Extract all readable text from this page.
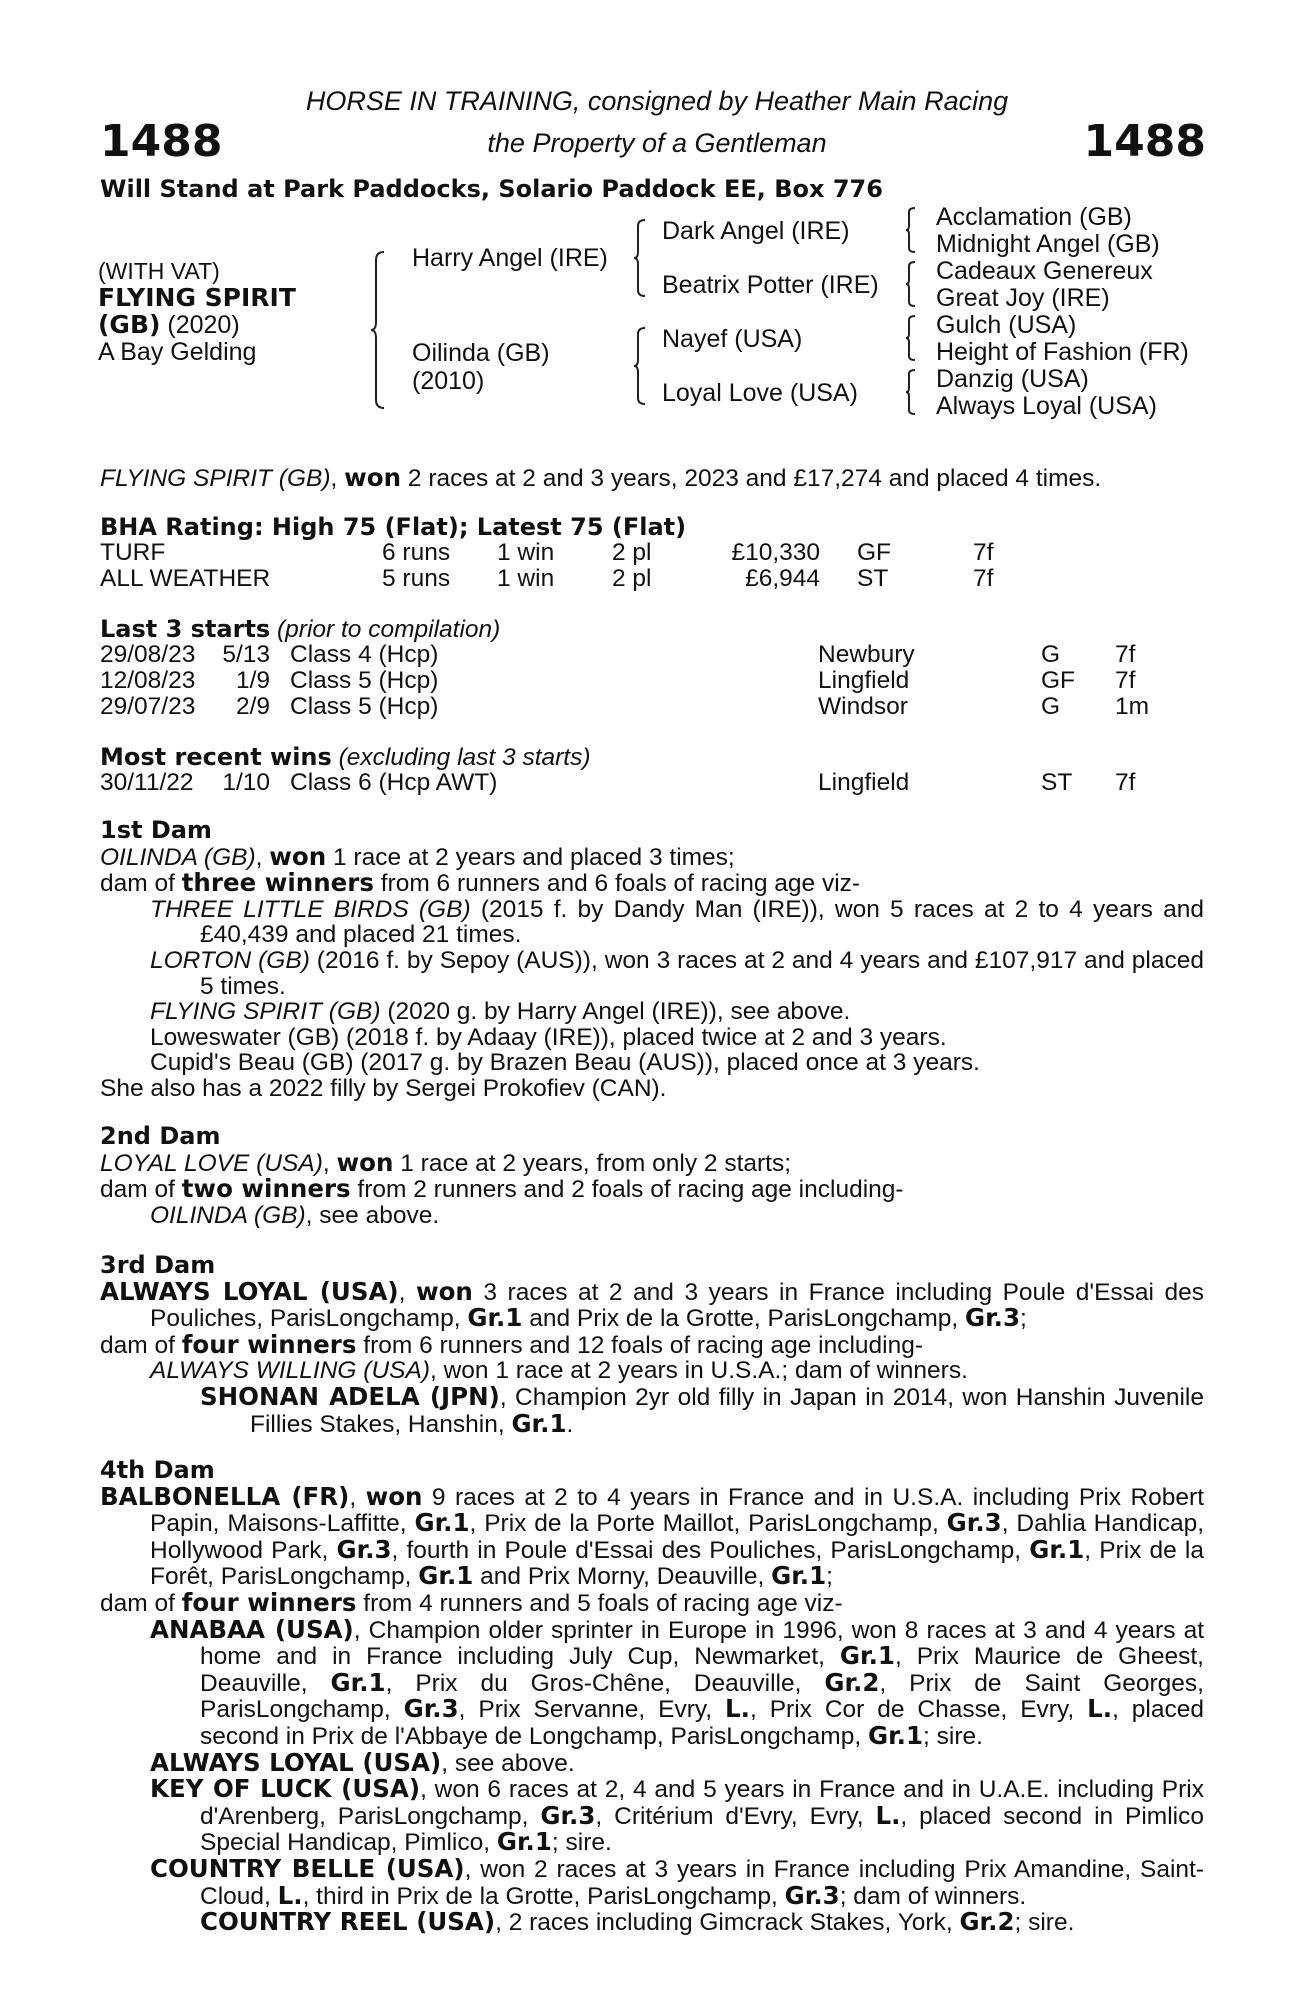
1488	1488
HORSE IN TRAINING, consigned by Heather Main Racing
the Property of a Gentleman
Will Stand at Park Paddocks, Solario Paddock EE, Box 776
(WITH VAT)
FLYING SPIRIT
(GB) (2020)
A Bay Gelding
Harry Angel (IRE)
Oilinda (GB)
(2010)
Dark Angel (IRE)
Beatrix Potter (IRE)
Nayef (USA)
Loyal Love (USA)
Acclamation (GB)
Midnight Angel (GB)
Cadeaux Genereux
Great Joy (IRE)
Gulch (USA)
Height of Fashion (FR)
Danzig (USA)
Always Loyal (USA)
FLYING SPIRIT (GB), won 2 races at 2 and 3 years, 2023 and £17,274 and placed 4 times.
BHA Rating: High 75 (Flat); Latest 75 (Flat)
TURF	6 runs 1 win 2 pl	£10,330 GF	7f
ALL WEATHER	5 runs 1 win 2 pl	£6,944 ST	7f
Last 3 starts (prior to compilation)
29/08/23	5/13 Class 4 (Hcp)	Newbury	G 7f
12/08/23	1/9 Class 5 (Hcp)	Lingfield	GF 7f
29/07/23	2/9 Class 5 (Hcp)	Windsor	G 1m
Most recent wins (excluding last 3 starts)
30/11/22	1/10 Class 6 (Hcp AWT)	Lingfield	ST 7f
1st Dam
OILINDA (GB), won 1 race at 2 years and placed 3 times;
dam of three winners from 6 runners and 6 foals of racing age viz-
THREE LITTLE BIRDS (GB) (2015 f. by Dandy Man (IRE)), won 5 races at 2 to 4 years and £40,439 and placed 21 times.
LORTON (GB) (2016 f. by Sepoy (AUS)), won 3 races at 2 and 4 years and £107,917 and placed 5 times.
FLYING SPIRIT (GB) (2020 g. by Harry Angel (IRE)), see above.
Loweswater (GB) (2018 f. by Adaay (IRE)), placed twice at 2 and 3 years.
Cupid's Beau (GB) (2017 g. by Brazen Beau (AUS)), placed once at 3 years.
She also has a 2022 filly by Sergei Prokofiev (CAN).
2nd Dam
LOYAL LOVE (USA), won 1 race at 2 years, from only 2 starts;
dam of two winners from 2 runners and 2 foals of racing age including-
OILINDA (GB), see above.
3rd Dam
ALWAYS LOYAL (USA), won 3 races at 2 and 3 years in France including Poule d'Essai des Pouliches, ParisLongchamp, Gr.1 and Prix de la Grotte, ParisLongchamp, Gr.3;
dam of four winners from 6 runners and 12 foals of racing age including-
ALWAYS WILLING (USA), won 1 race at 2 years in U.S.A.; dam of winners.
SHONAN ADELA (JPN), Champion 2yr old filly in Japan in 2014, won Hanshin Juvenile Fillies Stakes, Hanshin, Gr.1.
4th Dam
BALBONELLA (FR), won 9 races at 2 to 4 years in France and in U.S.A. including Prix Robert Papin, Maisons-Laffitte, Gr.1, Prix de la Porte Maillot, ParisLongchamp, Gr.3, Dahlia Handicap, Hollywood Park, Gr.3, fourth in Poule d'Essai des Pouliches, ParisLongchamp, Gr.1, Prix de la Forêt, ParisLongchamp, Gr.1 and Prix Morny, Deauville, Gr.1;
dam of four winners from 4 runners and 5 foals of racing age viz-
ANABAA (USA), Champion older sprinter in Europe in 1996, won 8 races at 3 and 4 years at home and in France including July Cup, Newmarket, Gr.1, Prix Maurice de Gheest, Deauville, Gr.1, Prix du Gros-Chêne, Deauville, Gr.2, Prix de Saint Georges, ParisLongchamp, Gr.3, Prix Servanne, Evry, L., Prix Cor de Chasse, Evry, L., placed second in Prix de l'Abbaye de Longchamp, ParisLongchamp, Gr.1; sire.
ALWAYS LOYAL (USA), see above.
KEY OF LUCK (USA), won 6 races at 2, 4 and 5 years in France and in U.A.E. including Prix d'Arenberg, ParisLongchamp, Gr.3, Critérium d'Evry, Evry, L., placed second in Pimlico Special Handicap, Pimlico, Gr.1; sire.
COUNTRY BELLE (USA), won 2 races at 3 years in France including Prix Amandine, Saint-Cloud, L., third in Prix de la Grotte, ParisLongchamp, Gr.3; dam of winners.
COUNTRY REEL (USA), 2 races including Gimcrack Stakes, York, Gr.2; sire.
